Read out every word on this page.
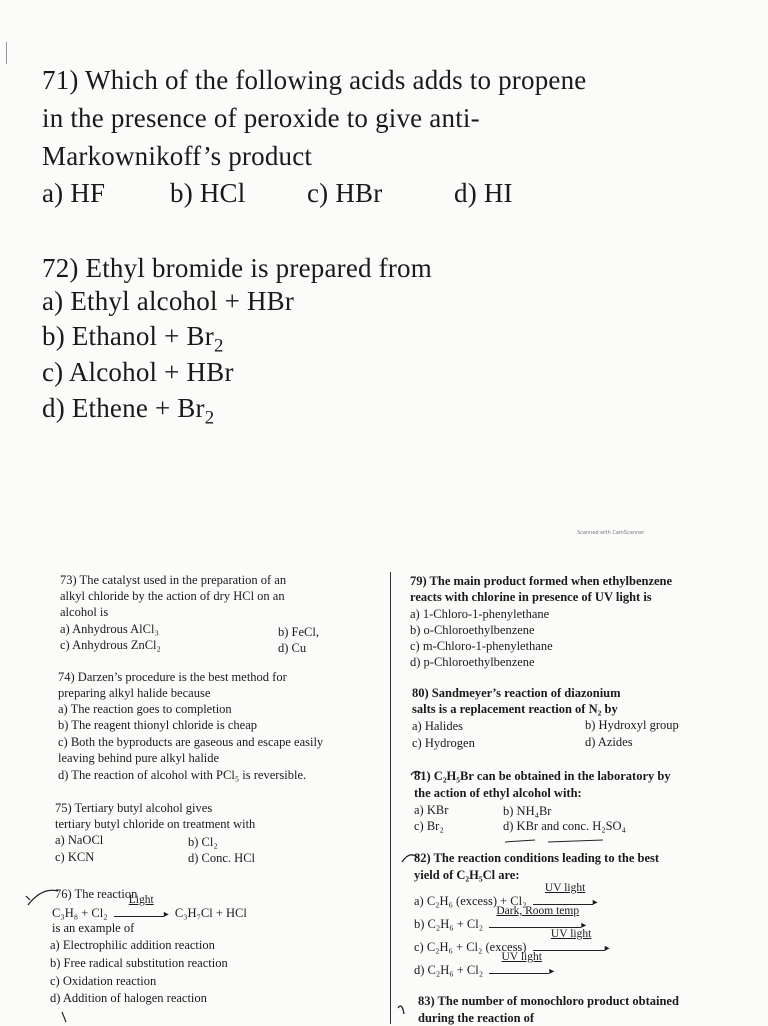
71) Which of the following acids adds to propene
in the presence of peroxide to give anti-
Markownikoff’s product
a) HF b) HCl c) HBr	d) HI
72) Ethyl bromide is prepared from
a) Ethyl alcohol + HBr
b) Ethanol + $Br_2$
c) Alcohol + HBr
d) Ethene + $Br_2$
Scanned with CamScanner
73) The catalyst used in the preparation of an
alkyl chloride by the action of dry HCl on an
alcohol is
a) Anhydrous AlCl₃	b) FeCl,
c) Anhydrous ZnCl₂	d) Cu
74) Darzen’s procedure is the best method for
preparing alkyl halide because
a) The reaction goes to completion
b) The reagent thionyl chloride is cheap
c) Both the byproducts are gaseous and escape easily
leaving behind pure alkyl halide
d) The reaction of alcohol with PCl₅ is reversible.
75) Tertiary butyl alcohol gives
tertiary butyl chloride on treatment with
a) NaOCl	b) Cl₂
c) KCN	d) Conc. HCl
76) The reaction
C₃H₈ + Cl₂
Light
▸ C₃H₇Cl + HCl
is an example of
a) Electrophilic addition reaction
b) Free radical substitution reaction
c) Oxidation reaction
d) Addition of halogen reaction
79) The main product formed when ethylbenzene
reacts with chlorine in presence of UV light is
a) 1-Chloro-1-phenylethane
b) o-Chloroethylbenzene
c) m-Chloro-1-phenylethane
d) p-Chloroethylbenzene
80) Sandmeyer’s reaction of diazonium
salts is a replacement reaction of N₂ by
a) Halides	b) Hydroxyl group
c) Hydrogen	d) Azides
81) C₂H₅Br can be obtained in the laboratory by
the action of ethyl alcohol with:
a) KBr	b) NH₄Br
c) Br₂	d) KBr and conc. H₂SO₄
82) The reaction conditions leading to the best
yield of C₂H₅Cl are:
a) C₂H₆ (excess) + Cl₂
UV light
▸
b) C₂H₆ + Cl₂
Dark, Room temp
▸
c) C₂H₆ + Cl₂ (excess)
UV light
▸
d) C₂H₆ + Cl₂
UV light
▸
83) The number of monochloro product obtained
during the reaction of
